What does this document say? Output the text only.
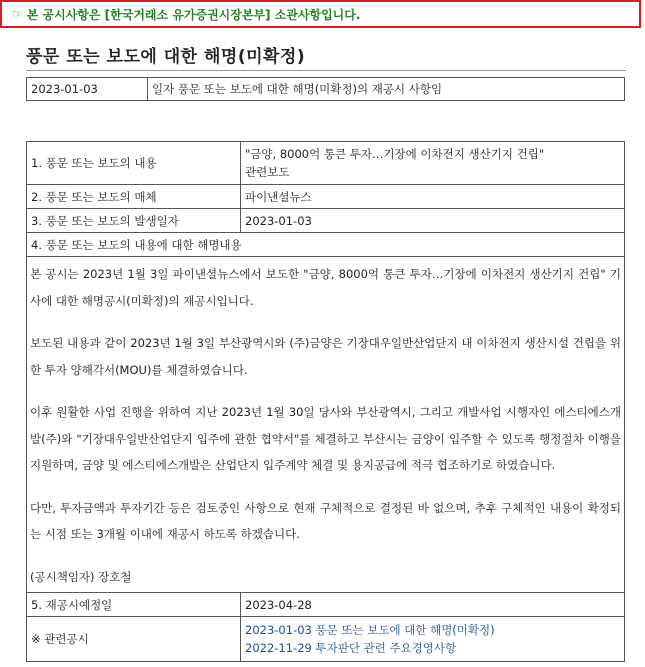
☞ 본 공시사항은 [한국거래소 유가증권시장본부] 소관사항입니다.
풍문 또는 보도에 대한 해명(미확정)
2023-01-03	일자 풍문 또는 보도에 대한 해명(미확정)의 재공시 사항임
1. 풍문 또는 보도의 내용	"금양, 8000억 통큰 투자…기장에 이차전지 생산기지 건립"
관련보도

2. 풍문 또는 보도의 매체	파이낸셜뉴스
3. 풍문 또는 보도의 발생일자	2023-01-03
4. 풍문 또는 보도의 내용에 대한 해명내용	

본 공시는 2023년 1월 3일 파이낸셜뉴스에서 보도한 "금양, 8000억 통큰 투자…기장에 이차전지 생산기지 건립" 기사에 대한 해명공시(미확정)의 재공시입니다.

보도된 내용과 같이 2023년 1월 3일 부산광역시와 (주)금양은 기장대우일반산업단지 내 이차전지 생산시설 건립을 위한 투자 양해각서(MOU)를 체결하였습니다.

이후 원활한 사업 진행을 위하여 지난 2023년 1월 30일 당사와 부산광역시, 그리고 개발사업 시행자인 에스티에스개발(주)와 "기장대우일반산업단지 입주에 관한 협약서"를 체결하고 부산시는 금양이 입주할 수 있도록 행정절차 이행을 지원하며, 금양 및 에스티에스개발은 산업단지 입주계약 체결 및 용지공급에 적극 협조하기로 하였습니다.

다만, 투자금액과 투자기간 등은 검토중인 사항으로 현재 구체적으로 결정된 바 없으며, 추후 구체적인 내용이 확정되는 시점 또는 3개월 이내에 재공시 하도록 하겠습니다.

(공시책임자) 장호철	

5. 재공시예정일	2023-04-28
※ 관련공시	2023-01-03 풍문 또는 보도에 대한 해명(미확정)
2022-11-29 투자판단 관련 주요경영사항
